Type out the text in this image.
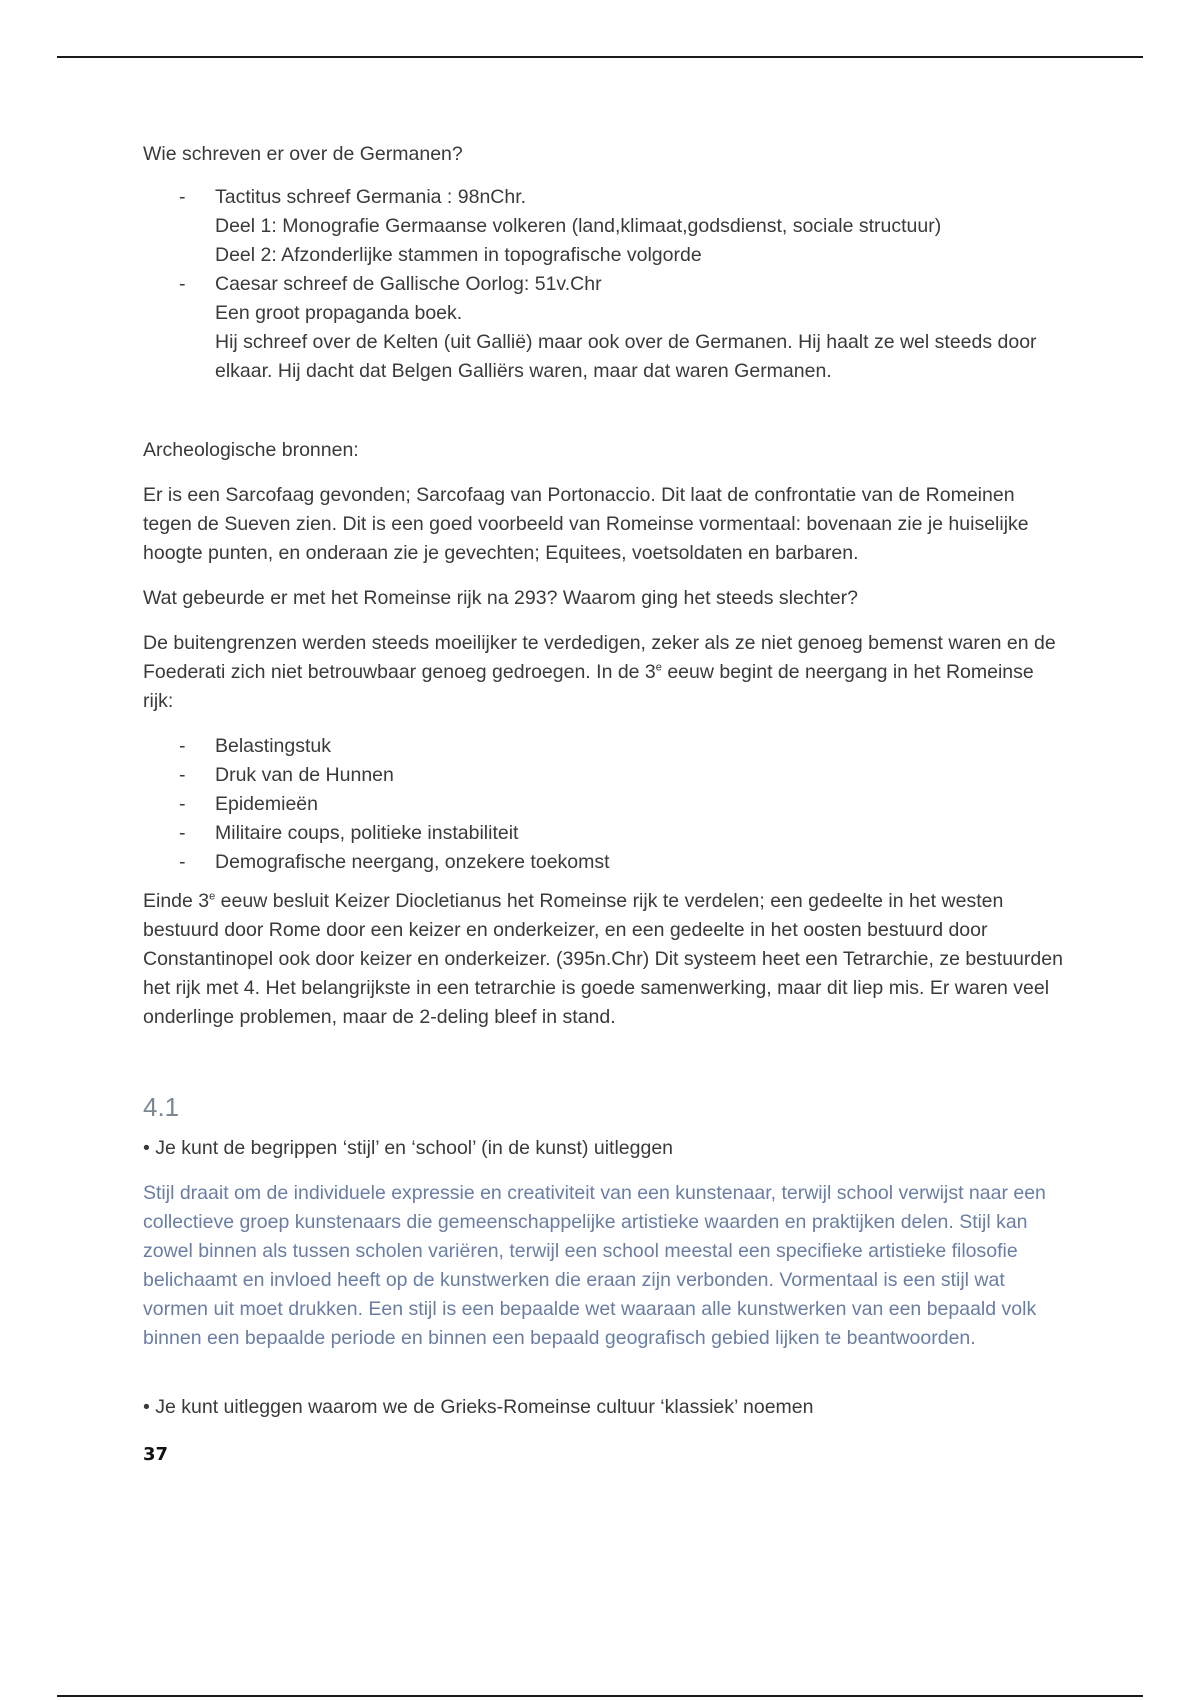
Wie schreven er over de Germanen?

- Tactitus schreef Germania : 98nChr.
Deel 1: Monografie Germaanse volkeren (land,klimaat,godsdienst, sociale structuur)
Deel 2: Afzonderlijke stammen in topografische volgorde
- Caesar schreef de Gallische Oorlog: 51v.Chr
Een groot propaganda boek.
Hij schreef over de Kelten (uit Gallië) maar ook over de Germanen. Hij haalt ze wel steeds door elkaar. Hij dacht dat Belgen Galliërs waren, maar dat waren Germanen.

Archeologische bronnen:

Er is een Sarcofaag gevonden; Sarcofaag van Portonaccio. Dit laat de confrontatie van de Romeinen tegen de Sueven zien. Dit is een goed voorbeeld van Romeinse vormentaal: bovenaan zie je huiselijke hoogte punten, en onderaan zie je gevechten; Equitees, voetsoldaten en barbaren.

Wat gebeurde er met het Romeinse rijk na 293? Waarom ging het steeds slechter?

De buitengrenzen werden steeds moeilijker te verdedigen, zeker als ze niet genoeg bemenst waren en de Foederati zich niet betrouwbaar genoeg gedroegen. In de 3e eeuw begint de neergang in het Romeinse rijk:

- Belastingstuk
- Druk van de Hunnen
- Epidemieën
- Militaire coups, politieke instabiliteit
- Demografische neergang, onzekere toekomst

Einde 3e eeuw besluit Keizer Diocletianus het Romeinse rijk te verdelen; een gedeelte in het westen bestuurd door Rome door een keizer en onderkeizer, en een gedeelte in het oosten bestuurd door Constantinopel ook door keizer en onderkeizer. (395n.Chr) Dit systeem heet een Tetrarchie, ze bestuurden het rijk met 4. Het belangrijkste in een tetrarchie is goede samenwerking, maar dit liep mis. Er waren veel onderlinge problemen, maar de 2-deling bleef in stand.

4.1

• Je kunt de begrippen ‘stijl’ en ‘school’ (in de kunst) uitleggen

Stijl draait om de individuele expressie en creativiteit van een kunstenaar, terwijl school verwijst naar een collectieve groep kunstenaars die gemeenschappelijke artistieke waarden en praktijken delen. Stijl kan zowel binnen als tussen scholen variëren, terwijl een school meestal een specifieke artistieke filosofie belichaamt en invloed heeft op de kunstwerken die eraan zijn verbonden. Vormentaal is een stijl wat vormen uit moet drukken. Een stijl is een bepaalde wet waaraan alle kunstwerken van een bepaald volk binnen een bepaalde periode en binnen een bepaald geografisch gebied lijken te beantwoorden.

• Je kunt uitleggen waarom we de Grieks-Romeinse cultuur ‘klassiek’ noemen

37
